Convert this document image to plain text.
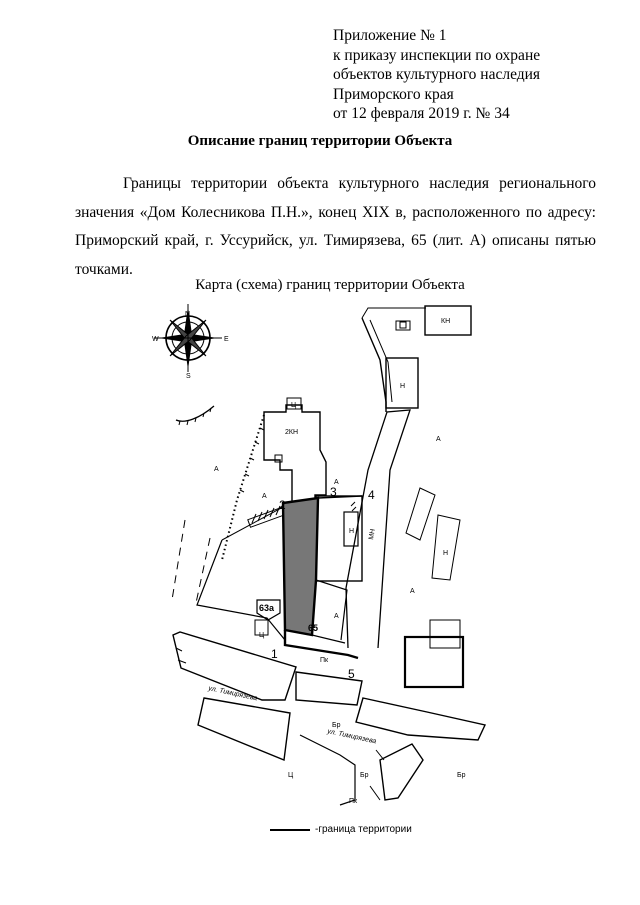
Приложение № 1
к приказу инспекции по охране
объектов культурного наследия
Приморского края
от 12 февраля 2019 г. № 34
Описание границ территории Объекта
Границы территории объекта культурного наследия регионального значения «Дом Колесникова П.Н.», конец XIX в, расположенного по адресу: Приморский край, г. Уссурийск, ул. Тимирязева, 65 (лит. А) описаны пятью точками.
Карта (схема) границ территории Объекта
N
S
W	E
КН
Н
2КН
Ц
А
А
А
А
А
А
Н МН
Н
Ц
Пк
Бр
Бр	Бр
Ц
Пк
ул. Тимирязева
ул. Тимирязева
63а
65
1
2
3	4
5
-граница территории
